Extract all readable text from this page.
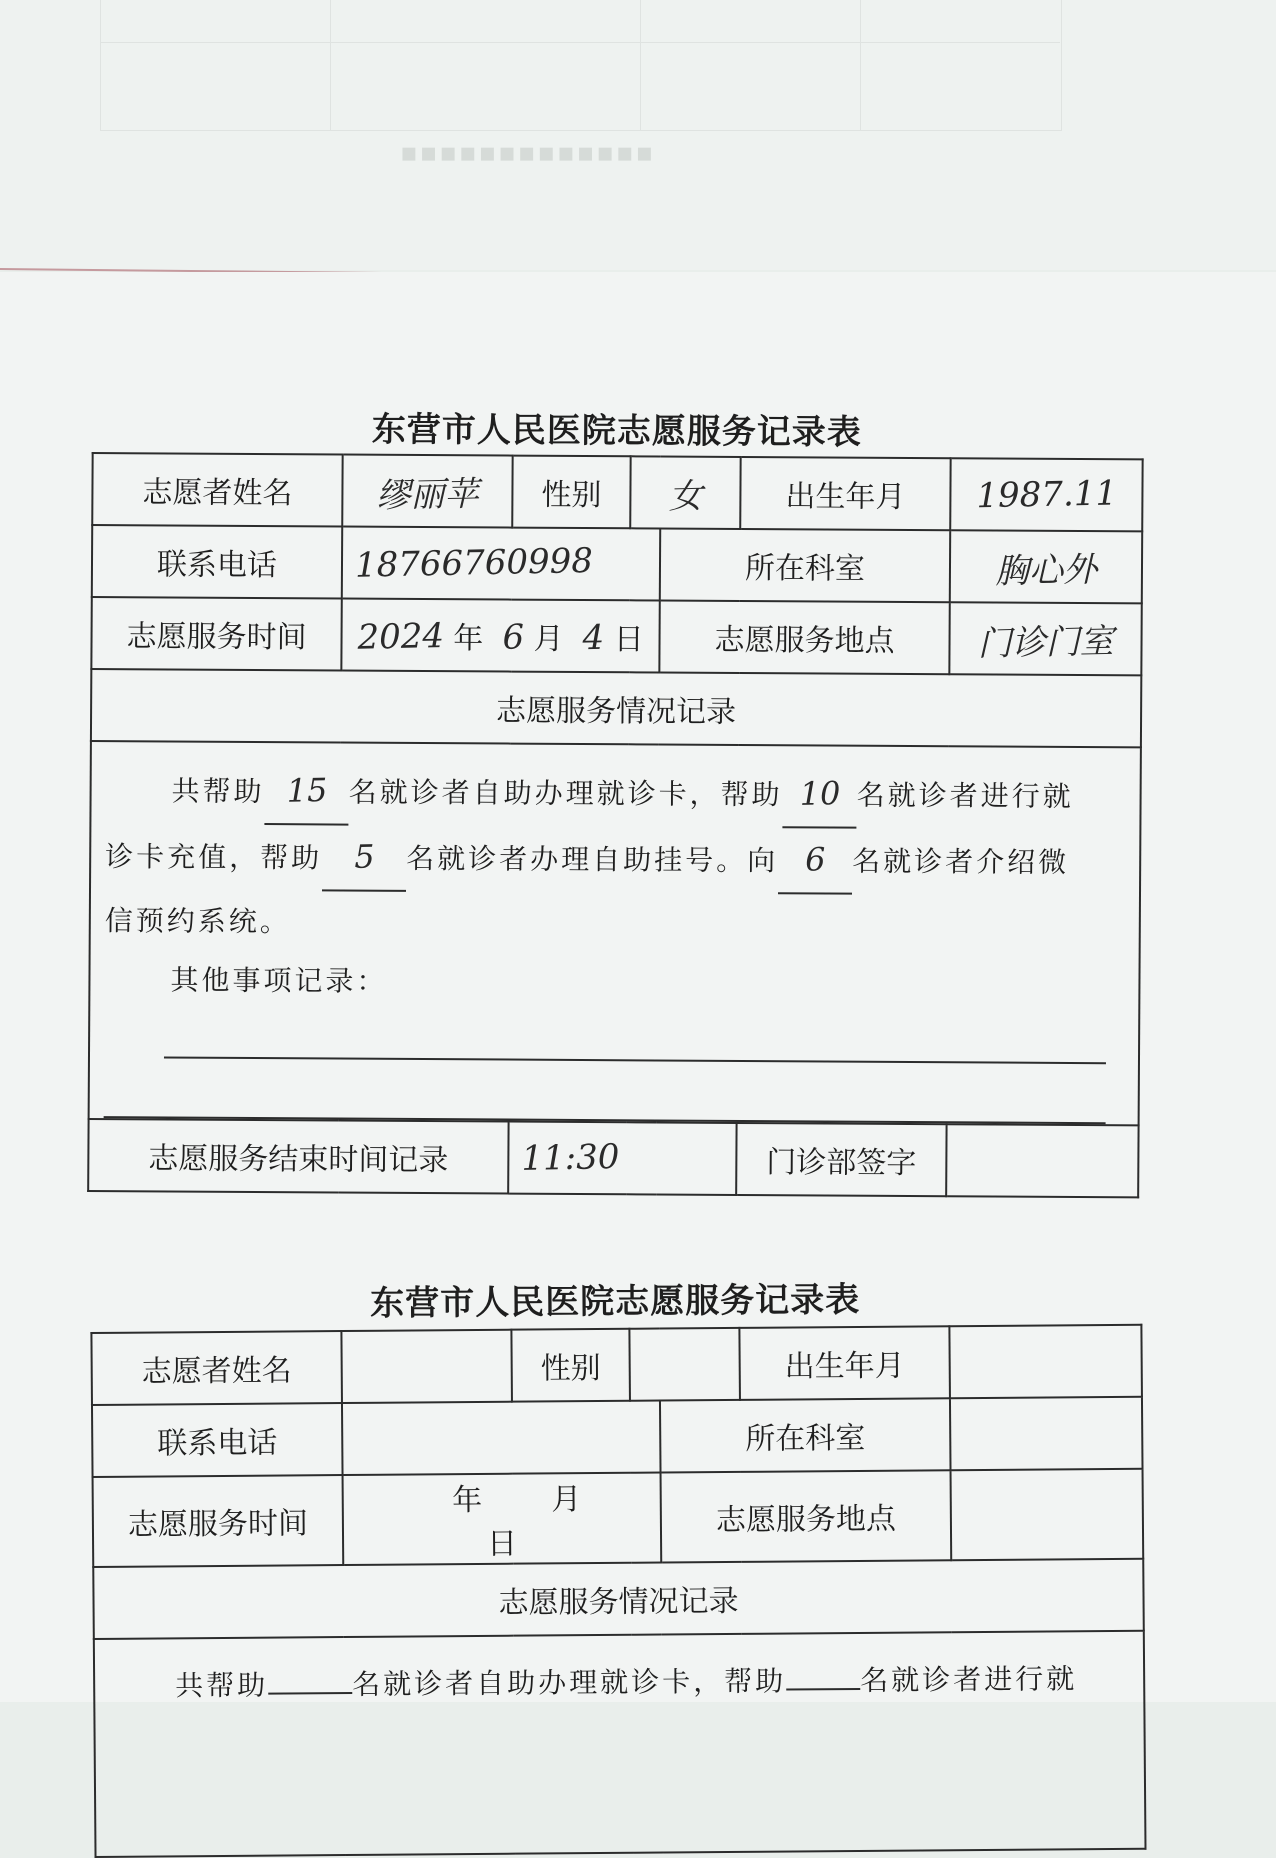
▪▪▪▪▪▪▪▪▪▪▪▪▪
东营市人民医院志愿服务记录表
志愿者姓名	缪丽苹	性别	女		出生年月	1987.11
联系电话	18766760998			所在科室		胸心外
志愿服务时间	2024 年 6 月 4 日			志愿服务地点		门诊门室
志愿服务情况记录						

共帮助 15 名就诊者自助办理就诊卡，帮助 10 名就诊者进行就
诊卡充值，帮助 5 名就诊者办理自助挂号。向 6 名就诊者介绍微
信预约系统。
其他事项记录：						

志愿服务结束时间记录		11:30			门诊部签字	
东营市人民医院志愿服务记录表
志愿者姓名		性别			出生年月	
联系电话				所在科室		
志愿服务时间	年 月  日			志愿服务地点		
志愿服务情况记录						

共帮助 名就诊者自助办理就诊卡，帮助 名就诊者进行就						
